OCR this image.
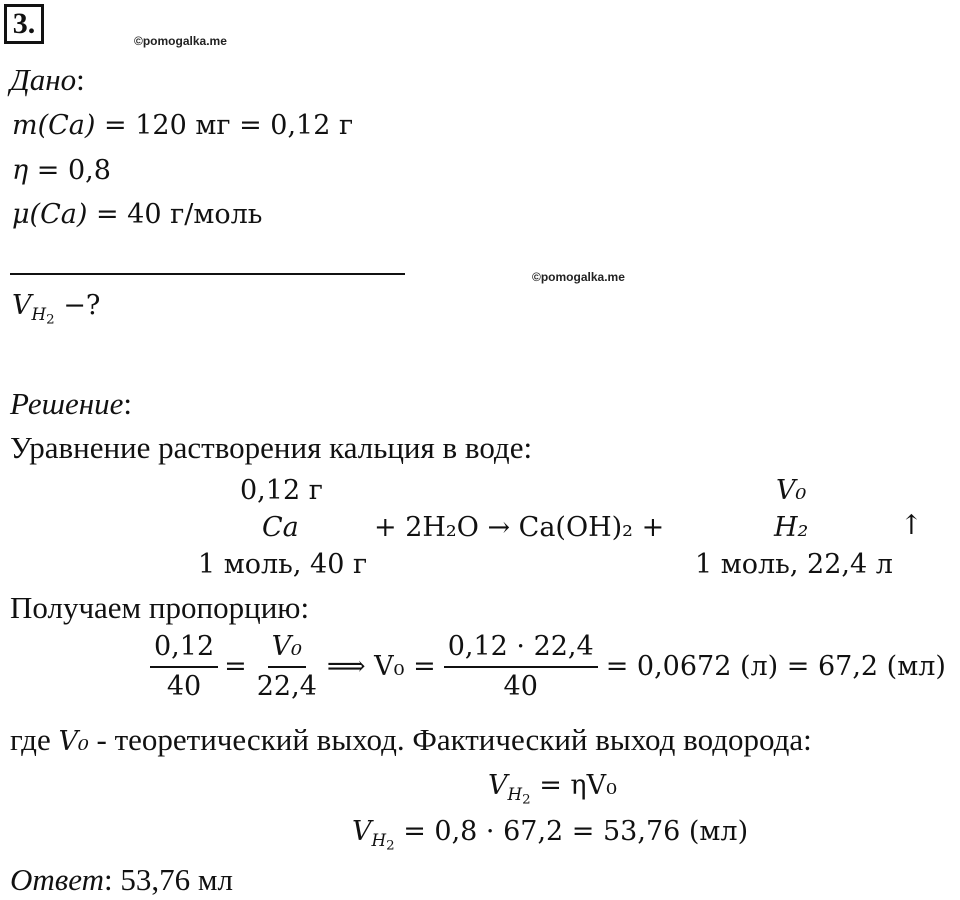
3.
©pomogalka.me
©pomogalka.me
Дано:
m(Ca) = 120 мг = 0,12 г
η = 0,8
μ(Ca) = 40 г/моль
$V_{H_2}$ −?
Решение:
Уравнение растворения кальция в воде:
0,12 г
Ca
1 моль, 40 г
+ 2H₂O → Ca(OH)₂ +
V₀
H₂	↑
1 моль, 22,4 л
Получаем пропорцию:
$\frac{0,12}{40} = \frac{\text{V₀}}{22,4}$ ⟹ $V_0 = \frac{0,12 \cdot 22,4}{40} = 0,0672$ (л) = 67,2 (мл)
где V₀ - теоретический выход. Фактический выход водорода:
$V_{H_2} = \eta V_0$
$V_{H_2} = 0,8 \cdot 67,2 = 53,76$ (мл)
Ответ: 53,76 мл
